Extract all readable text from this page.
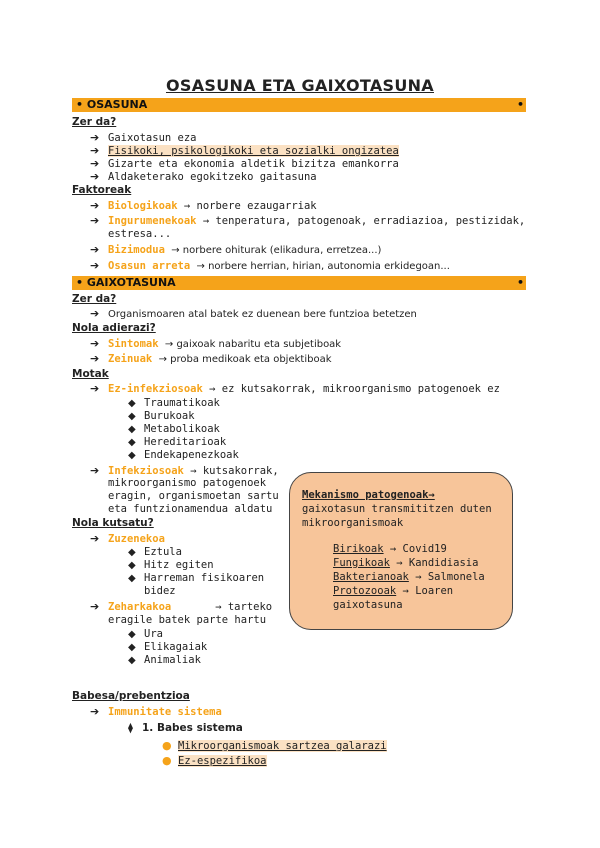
OSASUNA ETA GAIXOTASUNA
• OSASUNA	•
Zer da?
➔ Gaixotasun eza
➔ Fisikoki, psikologikoki eta sozialki ongizatea
➔ Gizarte eta ekonomia aldetik bizitza emankorra
➔ Aldaketerako egokitzeko gaitasuna
Faktoreak
➔ Biologikoak → norbere ezaugarriak
➔ Ingurumenekoak → tenperatura, patogenoak, erradiazioa, pestizidak,
estresa...
➔ Bizimodua → norbere ohiturak (elikadura, erretzea...)
➔ Osasun arreta → norbere herrian, hirian, autonomia erkidegoan...
• GAIXOTASUNA	•
Zer da?
➔ Organismoaren atal batek ez duenean bere funtzioa betetzen
Nola adierazi?
➔ Sintomak → gaixoak nabaritu eta subjetiboak
➔ Zeinuak → proba medikoak eta objektiboak
Motak
➔ Ez-infekziosoak → ez kutsakorrak, mikroorganismo patogenoek ez
◆ Traumatikoak
◆ Burukoak
◆ Metabolikoak
◆ Hereditarioak
◆ Endekapenezkoak
➔ Infekziosoak → kutsakorrak,
mikroorganismo patogenoek
eragin, organismoetan sartu
eta funtzionamendua aldatu
Nola kutsatu?
➔ Zuzenekoa
◆ Eztula
◆ Hitz egiten
◆ Harreman fisikoaren
bidez
➔ Zeharkakoa	→ tarteko
eragile batek parte hartu
◆ Ura
◆ Elikagaiak
◆ Animaliak
Mekanismo patogenoak→
gaixotasun transmititzen duten
mikroorganismoak
Birikoak → Covid19
Fungikoak → Kandidiasia
Bakterianoak → Salmonela
Protozooak → Loaren
gaixotasuna
Babesa/prebentzioa
➔ Immunitate sistema
⧫ 1. Babes sistema
● Mikroorganismoak sartzea galarazi
● Ez-espezifikoa
